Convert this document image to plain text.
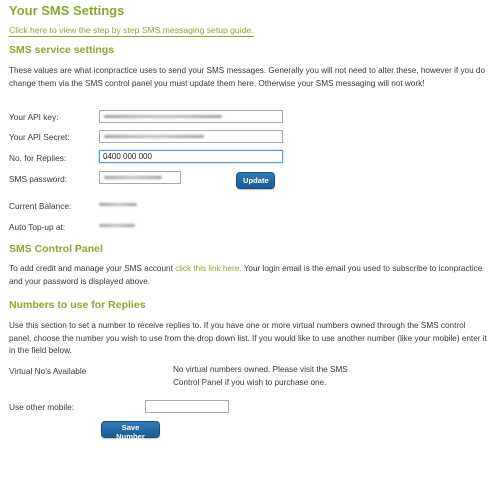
Your SMS Settings
Click here to view the step by step SMS messaging setup guide.
SMS service settings

These values are what iconpractice uses to send your SMS messages. Generally you will not need to alter these, however if you do change them via the SMS control panel you must update them here. Otherwise your SMS messaging will not work!

Your API key:
Your API Secret:
No. for Replies:
0400 000 000
SMS password:	Update
Current Balance:
Auto Top-up at:
SMS Control Panel

To add credit and manage your SMS account click this link here. Your login email is the email you used to subscribe to iconpractice and your password is displayed above.

Numbers to use for Replies

Use this section to set a number to receive replies to. If you have one or more virtual numbers owned through the SMS control panel, choose the number you wish to use from the drop down list. If you would like to use another number (like your mobile) enter it in the field below.

Virtual No's Available	No virtual numbers owned. Please visit the SMS Control Panel if you wish to purchase one.

Use other mobile:
Save Number
